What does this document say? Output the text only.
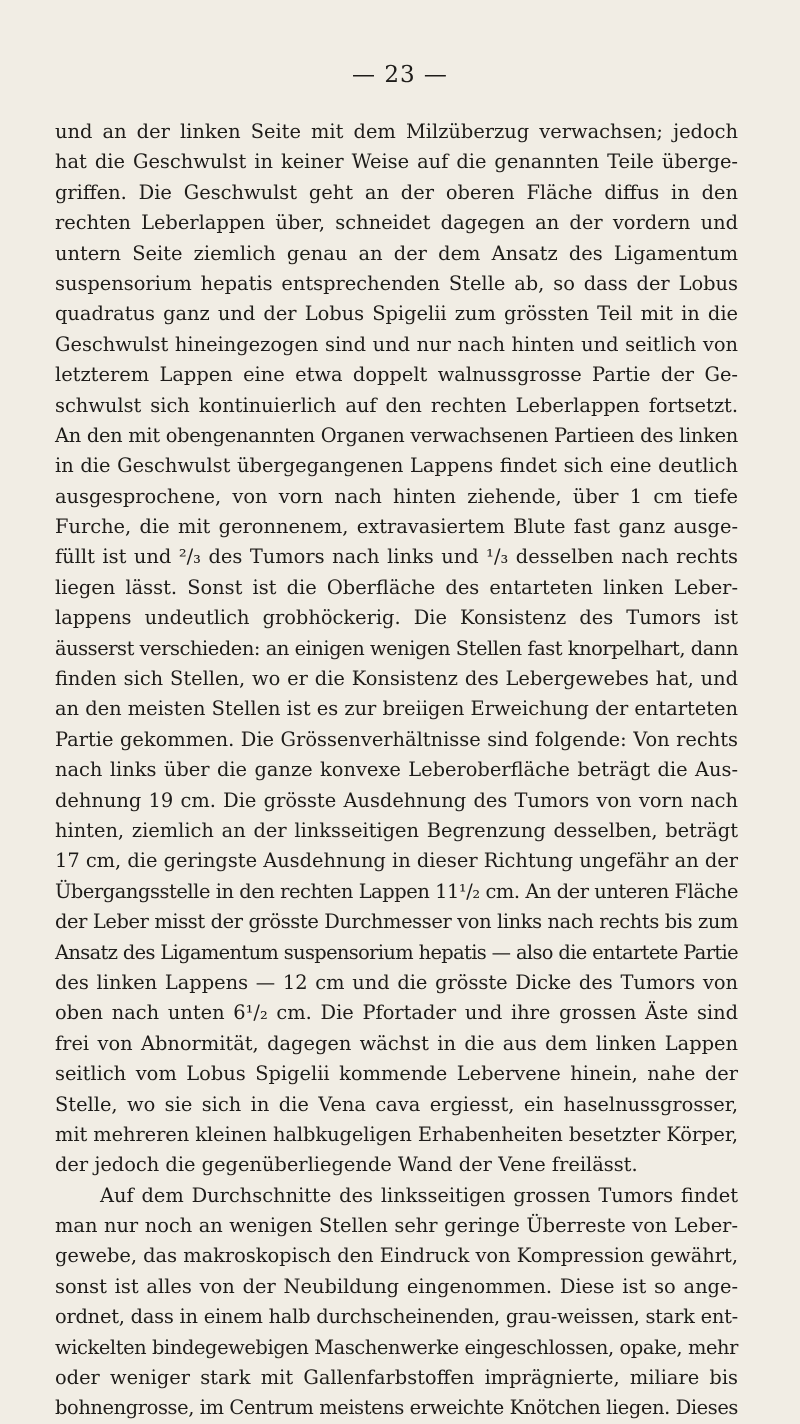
— 23 —
und an der linken Seite mit dem Milzüberzug verwachsen; jedoch
hat die Geschwulst in keiner Weise auf die genannten Teile überge-
griffen. Die Geschwulst geht an der oberen Fläche diffus in den
rechten Leberlappen über, schneidet dagegen an der vordern und
untern Seite ziemlich genau an der dem Ansatz des Ligamentum
suspensorium hepatis entsprechenden Stelle ab, so dass der Lobus
quadratus ganz und der Lobus Spigelii zum grössten Teil mit in die
Geschwulst hineingezogen sind und nur nach hinten und seitlich von
letzterem Lappen eine etwa doppelt walnussgrosse Partie der Ge-
schwulst sich kontinuierlich auf den rechten Leberlappen fortsetzt.
An den mit obengenannten Organen verwachsenen Partieen des linken
in die Geschwulst übergegangenen Lappens findet sich eine deutlich
ausgesprochene, von vorn nach hinten ziehende, über 1 cm tiefe
Furche, die mit geronnenem, extravasiertem Blute fast ganz ausge-
füllt ist und ²/₃ des Tumors nach links und ¹/₃ desselben nach rechts
liegen lässt. Sonst ist die Oberfläche des entarteten linken Leber-
lappens undeutlich grobhöckerig. Die Konsistenz des Tumors ist
äusserst verschieden: an einigen wenigen Stellen fast knorpelhart, dann
finden sich Stellen, wo er die Konsistenz des Lebergewebes hat, und
an den meisten Stellen ist es zur breiigen Erweichung der entarteten
Partie gekommen. Die Grössenverhältnisse sind folgende: Von rechts
nach links über die ganze konvexe Leberoberfläche beträgt die Aus-
dehnung 19 cm. Die grösste Ausdehnung des Tumors von vorn nach
hinten, ziemlich an der linksseitigen Begrenzung desselben, beträgt
17 cm, die geringste Ausdehnung in dieser Richtung ungefähr an der
Übergangsstelle in den rechten Lappen 11¹/₂ cm. An der unteren Fläche
der Leber misst der grösste Durchmesser von links nach rechts bis zum
Ansatz des Ligamentum suspensorium hepatis — also die entartete Partie
des linken Lappens — 12 cm und die grösste Dicke des Tumors von
oben nach unten 6¹/₂ cm. Die Pfortader und ihre grossen Äste sind
frei von Abnormität, dagegen wächst in die aus dem linken Lappen
seitlich vom Lobus Spigelii kommende Lebervene hinein, nahe der
Stelle, wo sie sich in die Vena cava ergiesst, ein haselnussgrosser,
mit mehreren kleinen halbkugeligen Erhabenheiten besetzter Körper,
der jedoch die gegenüberliegende Wand der Vene freilässt.
Auf dem Durchschnitte des linksseitigen grossen Tumors findet
man nur noch an wenigen Stellen sehr geringe Überreste von Leber-
gewebe, das makroskopisch den Eindruck von Kompression gewährt,
sonst ist alles von der Neubildung eingenommen. Diese ist so ange-
ordnet, dass in einem halb durchscheinenden, grau-weissen, stark ent-
wickelten bindegewebigen Maschenwerke eingeschlossen, opake, mehr
oder weniger stark mit Gallenfarbstoffen imprägnierte, miliare bis
bohnengrosse, im Centrum meistens erweichte Knötchen liegen. Dieses
